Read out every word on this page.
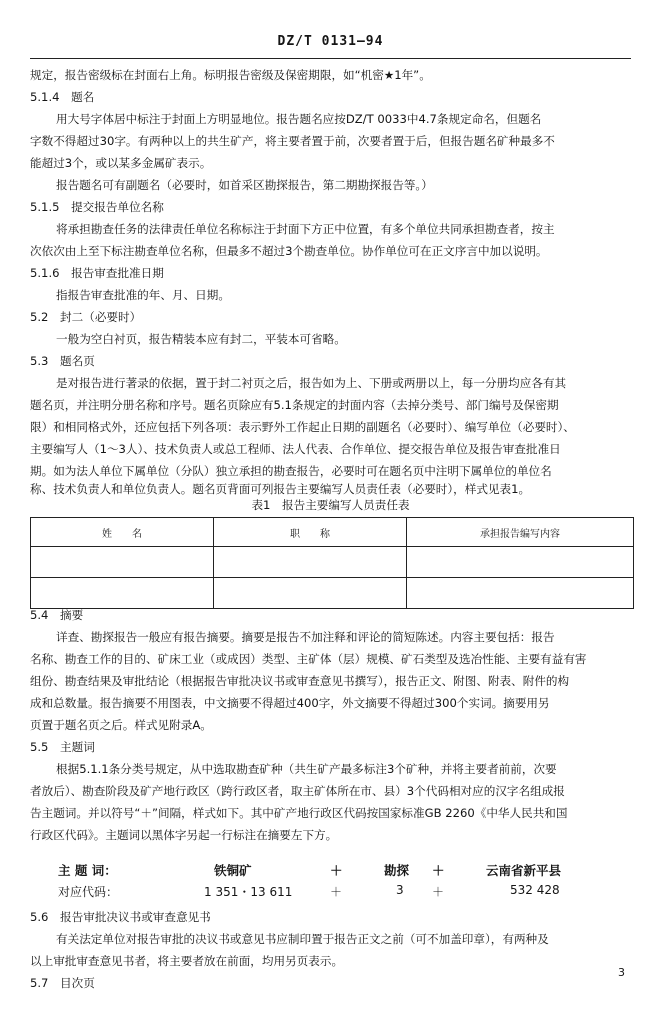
DZ/T 0131—94

规定，报告密级标在封面右上角。标明报告密级及保密期限，如“机密★1年”。

5.1.4　题名

用大号字体居中标注于封面上方明显地位。报告题名应按DZ/T 0033中4.7条规定命名，但题名

字数不得超过30字。有两种以上的共生矿产，将主要者置于前，次要者置于后，但报告题名矿种最多不

能超过3个，或以某多金属矿表示。

报告题名可有副题名（必要时，如首采区勘探报告，第二期勘探报告等。）

5.1.5　提交报告单位名称

将承担勘查任务的法律责任单位名称标注于封面下方正中位置，有多个单位共同承担勘查者，按主

次依次由上至下标注勘查单位名称，但最多不超过3个勘查单位。协作单位可在正文序言中加以说明。

5.1.6　报告审查批准日期

指报告审查批准的年、月、日期。

5.2　封二（必要时）

一般为空白衬页，报告精装本应有封二，平装本可省略。

5.3　题名页

是对报告进行著录的依据，置于封二衬页之后，报告如为上、下册或两册以上，每一分册均应各有其

题名页，并注明分册名称和序号。题名页除应有5.1条规定的封面内容（去掉分类号、部门编号及保密期

限）和相同格式外，还应包括下列各项：表示野外工作起止日期的副题名（必要时）、编写单位（必要时）、

主要编写人（1～3人）、技术负责人或总工程师、法人代表、合作单位、提交报告单位及报告审查批准日

期。如为法人单位下属单位（分队）独立承担的勘查报告，必要时可在题名页中注明下属单位的单位名

称、技术负责人和单位负责人。题名页背面可列报告主要编写人员责任表（必要时），样式见表1。

表1　报告主要编写人员责任表
姓　　名	职　　称	承担报告编写内容

5.4　摘要

详查、勘探报告一般应有报告摘要。摘要是报告不加注释和评论的简短陈述。内容主要包括：报告

名称、勘查工作的目的、矿床工业（或成因）类型、主矿体（层）规模、矿石类型及选冶性能、主要有益有害

组份、勘查结果及审批结论（根据报告审批决议书或审查意见书撰写），报告正文、附图、附表、附件的构

成和总数量。报告摘要不用图表，中文摘要不得超过400字，外文摘要不得超过300个实词。摘要用另

页置于题名页之后。样式见附录A。

5.5　主题词

根据5.1.1条分类号规定，从中选取勘查矿种（共生矿产最多标注3个矿种，并将主要者前前，次要

者放后）、勘查阶段及矿产地行政区（跨行政区者，取主矿体所在市、县）3个代码相对应的汉字名组成报

告主题词。并以符号“＋”间隔，样式如下。其中矿产地行政区代码按国家标准GB 2260《中华人民共和国

行政区代码》。主题词以黑体字另起一行标注在摘要左下方。

主 题 词：	铁铜矿	＋	勘探 ＋	云南省新平县
对应代码：	1 351・13 611	＋	3 ＋	532 428

5.6　报告审批决议书或审查意见书

有关法定单位对报告审批的决议书或意见书应制印置于报告正文之前（可不加盖印章），有两种及

以上审批审查意见书者，将主要者放在前面，均用另页表示。

5.7　目次页

3
